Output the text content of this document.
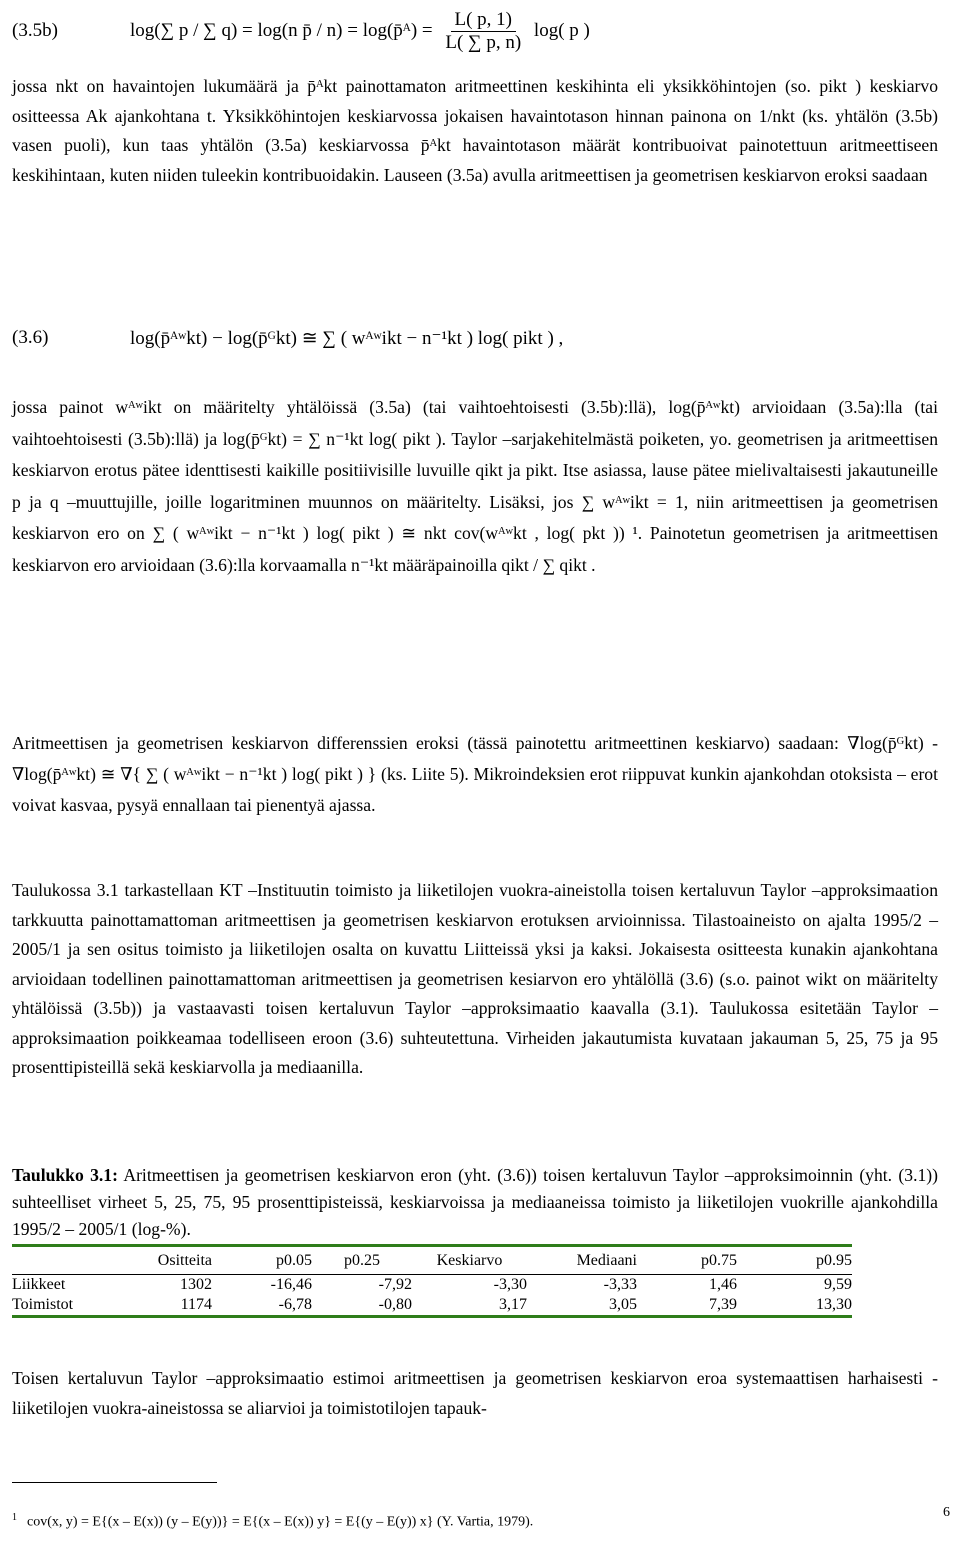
(3.5b)	log(∑ p / ∑ q) = log(n p̄ / n) = log(p̄ᴬ) = $\frac{L( p, 1)}{L( \sum p, n)} \log$( p )

jossa nkt on havaintojen lukumäärä ja p̄ᴬkt painottamaton aritmeettinen keskihinta eli yksikköhintojen (so. pikt ) keskiarvo ositteessa Ak ajankohtana t. Yksikköhintojen keskiarvossa jokaisen havaintotason hinnan painona on 1/nkt (ks. yhtälön (3.5b) vasen puoli), kun taas yhtälön (3.5a) keskiarvossa p̄ᴬkt havaintotason määrät kontribuoivat painotettuun aritmeettiseen keskihintaan, kuten niiden tuleekin kontribuoidakin. Lauseen (3.5a) avulla aritmeettisen ja geometrisen keskiarvon eroksi saadaan

(3.6)	log(p̄ᴬʷkt) − log(p̄ᴳkt) ≅ ∑ ( wᴬʷikt − n⁻¹kt ) log( pikt ) ,

jossa painot wᴬʷikt on määritelty yhtälöissä (3.5a) (tai vaihtoehtoisesti (3.5b):llä), log(p̄ᴬʷkt) arvioidaan (3.5a):lla (tai vaihtoehtoisesti (3.5b):llä) ja log(p̄ᴳkt) = ∑ n⁻¹kt log( pikt ). Taylor –sarjakehitelmästä poiketen, yo. geometrisen ja aritmeettisen keskiarvon erotus pätee identtisesti kaikille positiivisille luvuille qikt ja pikt. Itse asiassa, lause pätee mielivaltaisesti jakautuneille p ja q –muuttujille, joille logaritminen muunnos on määritelty. Lisäksi, jos ∑ wᴬʷikt = 1, niin aritmeettisen ja geometrisen keskiarvon ero on ∑ ( wᴬʷikt − n⁻¹kt ) log( pikt ) ≅ nkt cov(wᴬʷkt , log( pkt )) ¹. Painotetun geometrisen ja aritmeettisen keskiarvon ero arvioidaan (3.6):lla korvaamalla n⁻¹kt määräpainoilla qikt / ∑ qikt .

Aritmeettisen ja geometrisen keskiarvon differenssien eroksi (tässä painotettu aritmeettinen keskiarvo) saadaan: ∇log(p̄ᴳkt) - ∇log(p̄ᴬʷkt) ≅ ∇{ ∑ ( wᴬʷikt − n⁻¹kt ) log( pikt ) } (ks. Liite 5). Mikroindeksien erot riippuvat kunkin ajankohdan otoksista – erot voivat kasvaa, pysyä ennallaan tai pienentyä ajassa.

Taulukossa 3.1 tarkastellaan KT –Instituutin toimisto ja liiketilojen vuokra-aineistolla toisen kertaluvun Taylor –approksimaation tarkkuutta painottamattoman aritmeettisen ja geometrisen keskiarvon erotuksen arvioinnissa. Tilastoaineisto on ajalta 1995/2 – 2005/1 ja sen ositus toimisto ja liiketilojen osalta on kuvattu Liitteissä yksi ja kaksi. Jokaisesta ositteesta kunakin ajankohtana arvioidaan todellinen painottamattoman aritmeettisen ja geometrisen kesiarvon ero yhtälöllä (3.6) (s.o. painot wikt on määritelty yhtälöissä (3.5b)) ja vastaavasti toisen kertaluvun Taylor –approksimaatio kaavalla (3.1). Taulukossa esitetään Taylor –approksimaation poikkeamaa todelliseen eroon (3.6) suhteutettuna. Virheiden jakautumista kuvataan jakauman 5, 25, 75 ja 95 prosenttipisteillä sekä keskiarvolla ja mediaanilla.

Taulukko 3.1: Aritmeettisen ja geometrisen keskiarvon eron (yht. (3.6)) toisen kertaluvun Taylor –approksimoinnin (yht. (3.1)) suhteelliset virheet 5, 25, 75, 95 prosenttipisteissä, keskiarvoissa ja mediaaneissa toimisto ja liiketilojen vuokrille ajankohdilla 1995/2 – 2005/1 (log-%).

	Ositteita	p0.05	p0.25	Keskiarvo	Mediaani	p0.75	p0.95

Liikkeet	1302	-16,46	-7,92	-3,30	-3,33	1,46	9,59
Toimistot	1174	-6,78	-0,80	3,17	3,05	7,39	13,30

Toisen kertaluvun Taylor –approksimaatio estimoi aritmeettisen ja geometrisen keskiarvon eroa systemaattisen harhaisesti - liiketilojen vuokra-aineistossa se aliarvioi ja toimistotilojen tapauk-

$^1$ cov(x, y) = E{(x – E(x)) (y – E(y))} = E{(x – E(x)) y} = E{(y – E(y)) x} (Y. Vartia, 1979).
6
